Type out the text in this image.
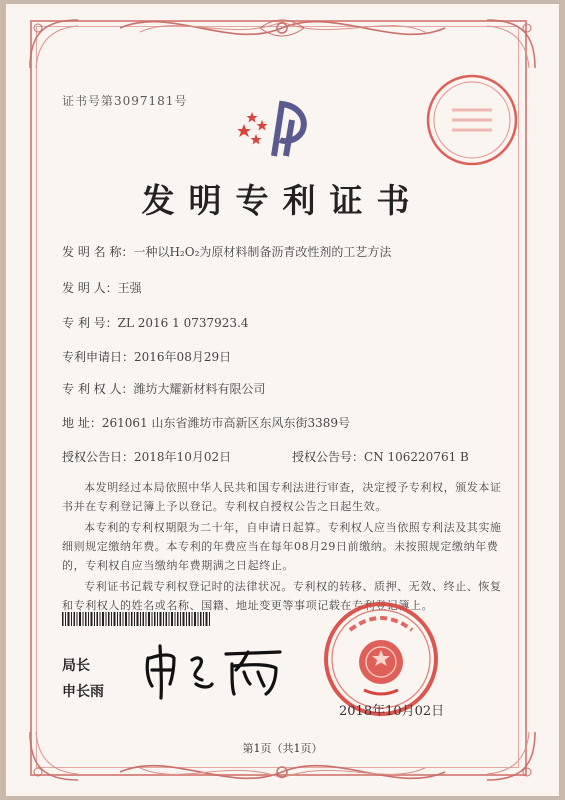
证书号第3097181号
发明专利证书
发 明 名 称：一种以H₂O₂为原材料制备沥青改性剂的工艺方法
发 明 人：王强
专 利 号：ZL 2016 1 0737923.4
专利申请日：2016年08月29日
专 利 权 人：潍坊大耀新材料有限公司
地 址：261061 山东省潍坊市高新区东风东街3389号
授权公告日：2018年10月02日	授权公告号：CN 106220761 B

本发明经过本局依照中华人民共和国专利法进行审查，决定授予专利权，颁发本证书并在专利登记簿上予以登记。专利权自授权公告之日起生效。

本专利的专利权期限为二十年，自申请日起算。专利权人应当依照专利法及其实施细则规定缴纳年费。本专利的年费应当在每年08月29日前缴纳。未按照规定缴纳年费的，专利权自应当缴纳年费期满之日起终止。

专利证书记载专利权登记时的法律状况。专利权的转移、质押、无效、终止、恢复和专利权人的姓名或名称、国籍、地址变更等事项记载在专利登记簿上。

局长
申长雨
2018年10月02日
第1页（共1页）
